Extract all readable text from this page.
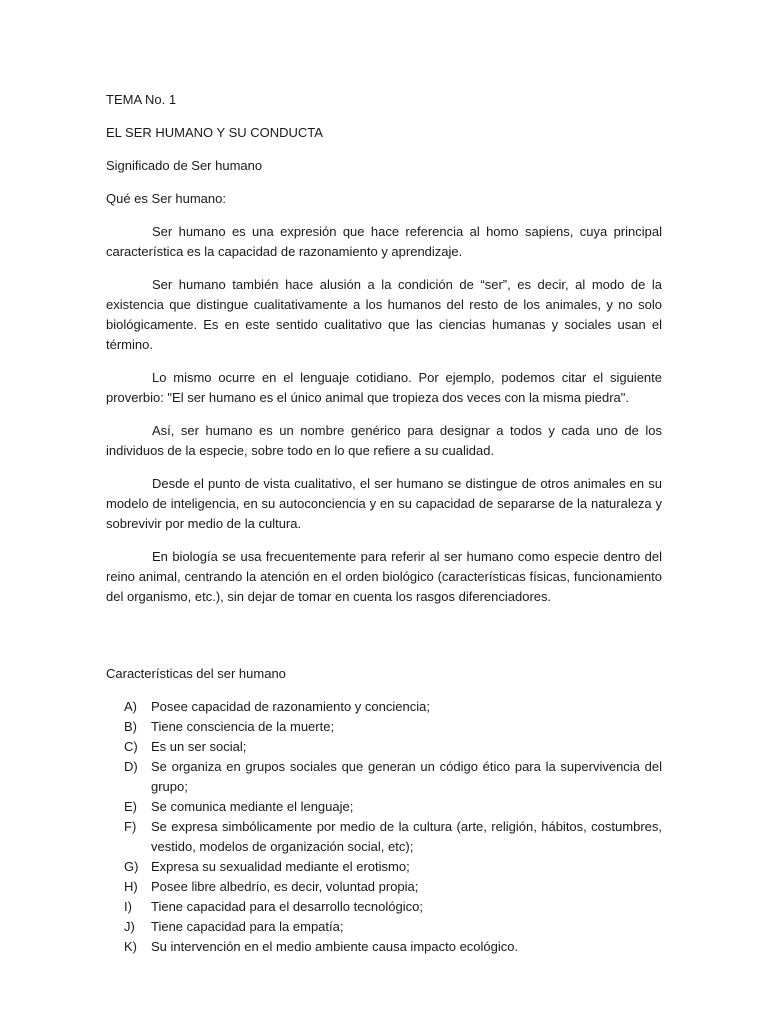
TEMA No. 1
EL SER HUMANO Y SU CONDUCTA
Significado de Ser humano
Qué es Ser humano:

Ser humano es una expresión que hace referencia al homo sapiens, cuya principal característica es la capacidad de razonamiento y aprendizaje.

Ser humano también hace alusión a la condición de “ser”, es decir, al modo de la existencia que distingue cualitativamente a los humanos del resto de los animales, y no solo biológicamente. Es en este sentido cualitativo que las ciencias humanas y sociales usan el término.

Lo mismo ocurre en el lenguaje cotidiano. Por ejemplo, podemos citar el siguiente proverbio: "El ser humano es el único animal que tropieza dos veces con la misma piedra".

Así, ser humano es un nombre genérico para designar a todos y cada uno de los individuos de la especie, sobre todo en lo que refiere a su cualidad.

Desde el punto de vista cualitativo, el ser humano se distingue de otros animales en su modelo de inteligencia, en su autoconciencia y en su capacidad de separarse de la naturaleza y sobrevivir por medio de la cultura.

En biología se usa frecuentemente para referir al ser humano como especie dentro del reino animal, centrando la atención en el orden biológico (características físicas, funcionamiento del organismo, etc.), sin dejar de tomar en cuenta los rasgos diferenciadores.

Características del ser humano
A)	Posee capacidad de razonamiento y conciencia;
B)	Tiene consciencia de la muerte;
C)	Es un ser social;
D)	Se organiza en grupos sociales que generan un código ético para la supervivencia del grupo;
E)	Se comunica mediante el lenguaje;
F)	Se expresa simbólicamente por medio de la cultura (arte, religión, hábitos, costumbres, vestido, modelos de organización social, etc);
G) Expresa su sexualidad mediante el erotismo;
H)	Posee libre albedrío, es decir, voluntad propia;
I)	Tiene capacidad para el desarrollo tecnológico;
J)	Tiene capacidad para la empatía;
K)	Su intervención en el medio ambiente causa impacto ecológico.
